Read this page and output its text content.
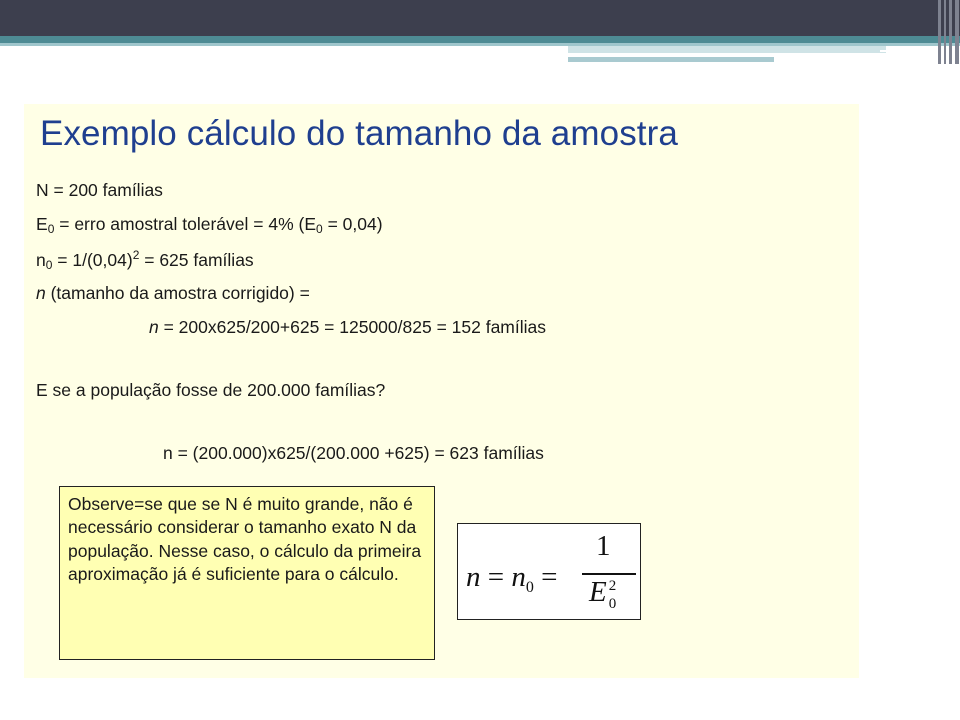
Exemplo cálculo do tamanho da amostra
N = 200 famílias
$E_0$ = erro amostral tolerável = 4% $(E_0 = 0,04)$
$n_0 = 1/(0,04)^2 = 625$ famílias
n (tamanho da amostra corrigido) =
n = 200x625/200+625 = 125000/825 = 152 famílias
E se a população fosse de 200.000 famílias?
n = (200.000)x625/(200.000 +625) = 623 famílias
Observe=se que se N é muito grande, não é necessário considerar o tamanho exato N da população. Nesse caso, o cálculo da primeira aproximação já é suficiente para o cálculo.	$n = n_0$ =
1
E 2
0
